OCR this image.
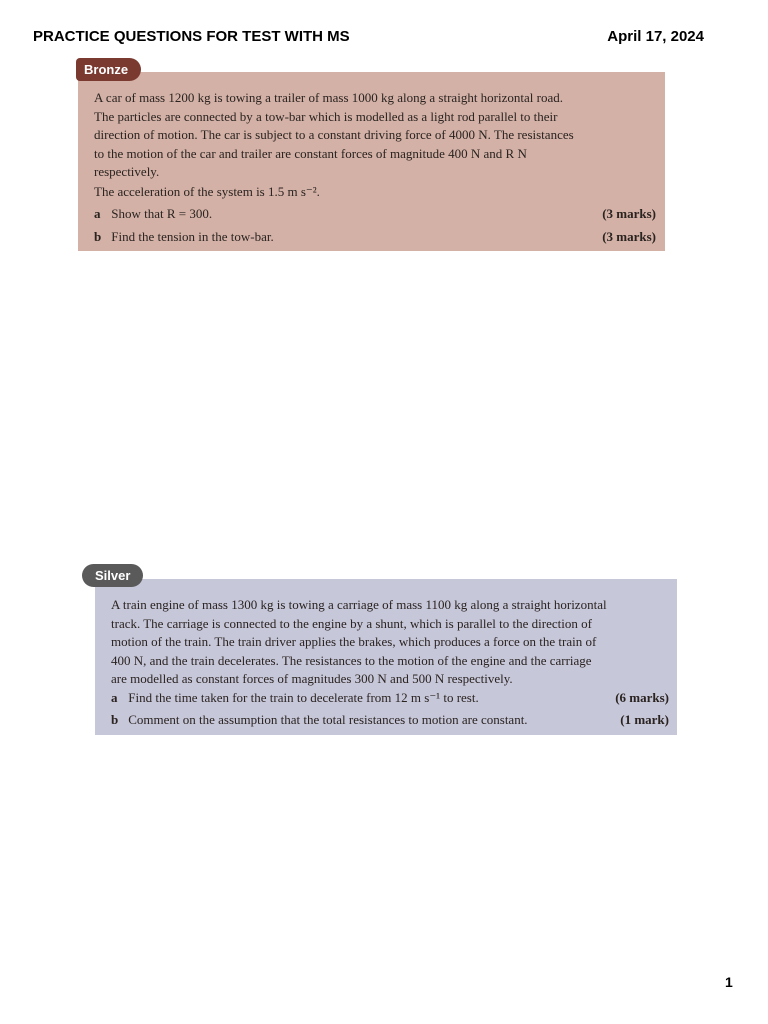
PRACTICE QUESTIONS FOR TEST WITH MS	April 17, 2024
A car of mass 1200 kg is towing a trailer of mass 1000 kg along a straight horizontal road.
The particles are connected by a tow-bar which is modelled as a light rod parallel to their
direction of motion. The car is subject to a constant driving force of 4000 N. The resistances
to the motion of the car and trailer are constant forces of magnitude 400 N and R N
respectively.
The acceleration of the system is 1.5 m s⁻².
a Show that R = 300.	(3 marks)
b Find the tension in the tow-bar.	(3 marks)
Bronze
A train engine of mass 1300 kg is towing a carriage of mass 1100 kg along a straight horizontal
track. The carriage is connected to the engine by a shunt, which is parallel to the direction of
motion of the train. The train driver applies the brakes, which produces a force on the train of
400 N, and the train decelerates. The resistances to the motion of the engine and the carriage
are modelled as constant forces of magnitudes 300 N and 500 N respectively.
a Find the time taken for the train to decelerate from 12 m s⁻¹ to rest.	(6 marks)
b Comment on the assumption that the total resistances to motion are constant.	(1 mark)
Silver
1
